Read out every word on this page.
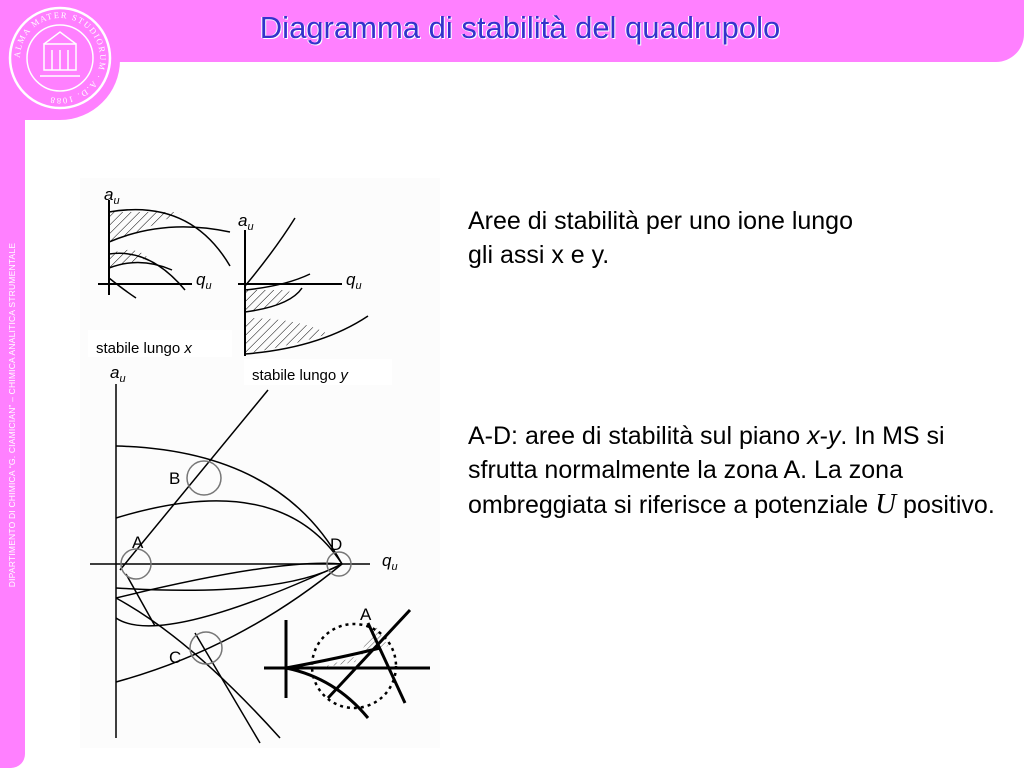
ALMA MATER STUDIORUM · A.D. 1088
Diagramma di stabilità del quadrupolo
DIPARTIMENTO DI CHIMICA “G. CIAMICIAN” – CHIMICA ANALITICA STRUMENTALE
$a_u$
$q_u$
stabile lungo x
$a_u$
$q_u$
stabile lungo y
A
B
C
D
$a_u$
$q_u$
A
Aree di stabilità per uno ione lungo gli assi x e y.
A-D: aree di stabilità sul piano x-y. In MS si sfrutta normalmente la zona A. La zona ombreggiata si riferisce a potenziale U positivo.
